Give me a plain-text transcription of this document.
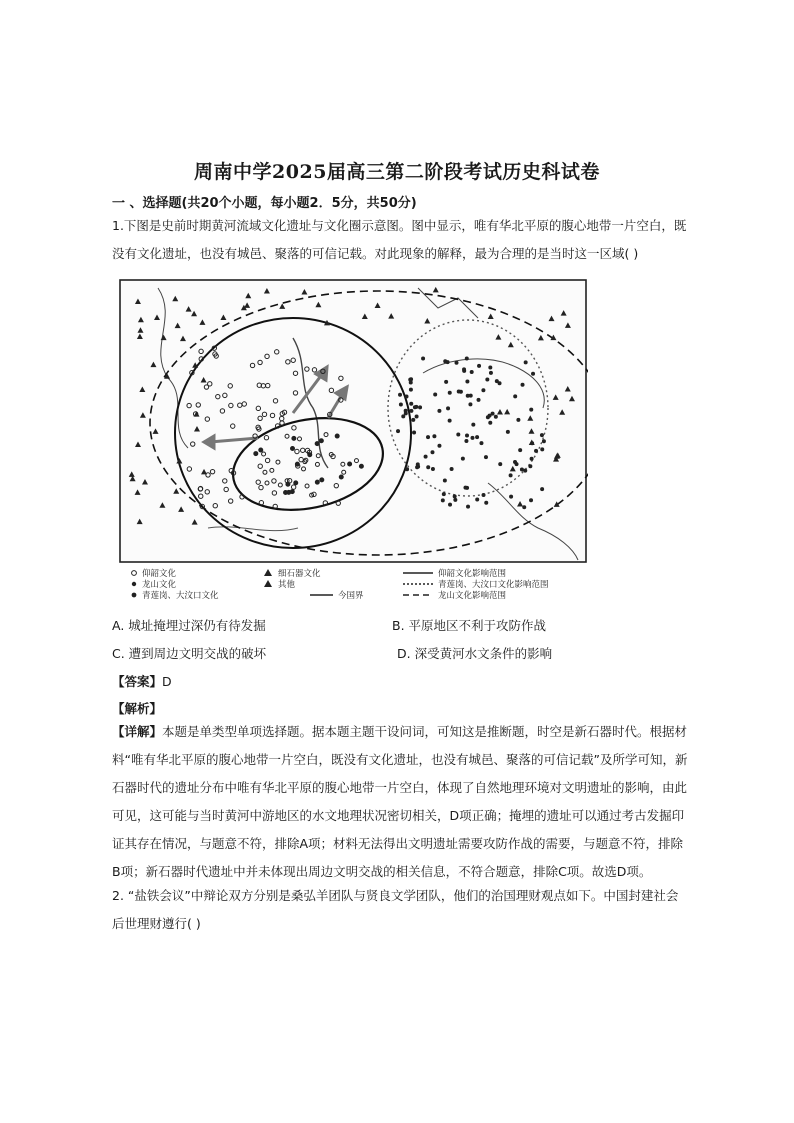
周南中学2025届高三第二阶段考试历史科试卷
一 、选择题(共20个小题，每小题2．5分，共50分)
1.下图是史前时期黄河流域文化遗址与文化圈示意图。图中显示，唯有华北平原的腹心地带一片空白，既没有文化遗址，也没有城邑、聚落的可信记载。对此现象的解释，最为合理的是当时这一区域( )
仰韶文化
龙山文化
青莲岗、大汶口文化
细石器文化
其他
今国界
仰韶文化影响范围
青莲岗、大汶口文化影响范围
龙山文化影响范围
A. 城址掩埋过深仍有待发掘	B. 平原地区不利于攻防作战
C. 遭到周边文明交战的破坏	D. 深受黄河水文条件的影响
【答案】D
【解析】
【详解】本题是单类型单项选择题。据本题主题干设问词，可知这是推断题，时空是新石器时代。根据材料“唯有华北平原的腹心地带一片空白，既没有文化遗址，也没有城邑、聚落的可信记载”及所学可知，新石器时代的遗址分布中唯有华北平原的腹心地带一片空白，体现了自然地理环境对文明遗址的影响，由此可见，这可能与当时黄河中游地区的水文地理状况密切相关，D项正确；掩埋的遗址可以通过考古发掘印证其存在情况，与题意不符，排除A项；材料无法得出文明遗址需要攻防作战的需要，与题意不符，排除B项；新石器时代遗址中并未体现出周边文明交战的相关信息，不符合题意，排除C项。故选D项。
2. “盐铁会议”中辩论双方分别是桑弘羊团队与贤良文学团队，他们的治国理财观点如下。中国封建社会后世理财遵行( )
